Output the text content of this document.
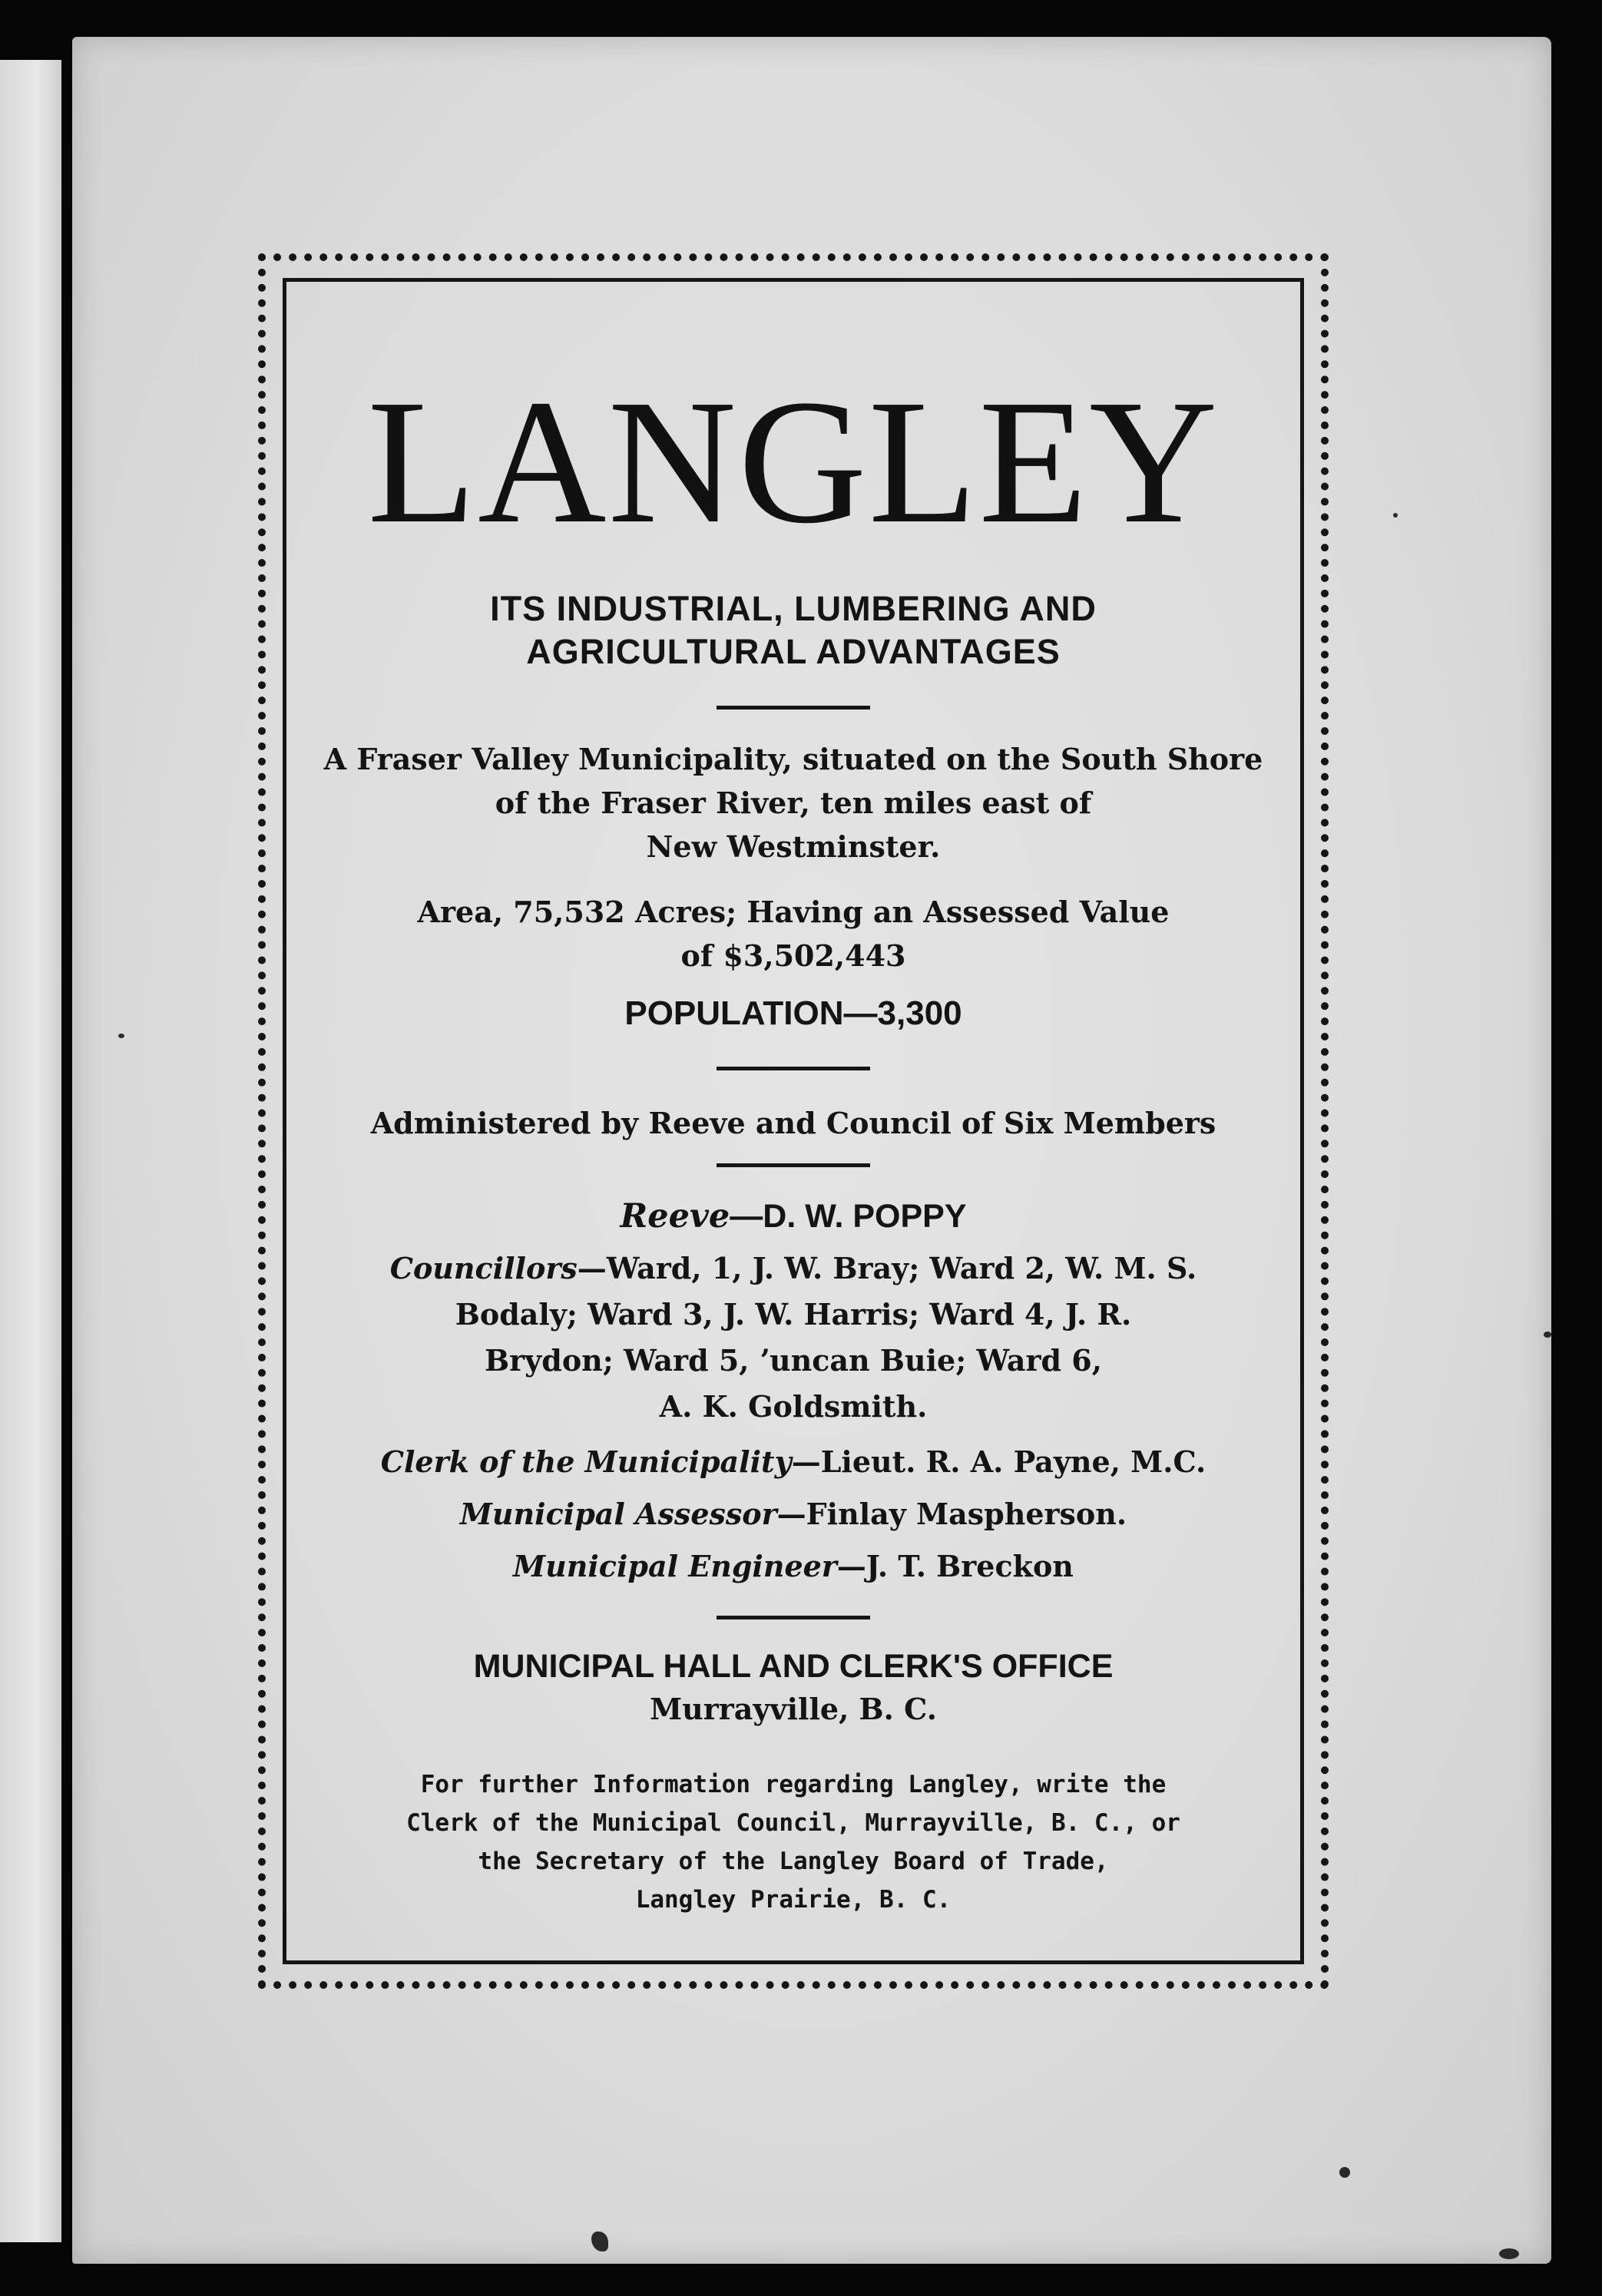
LANGLEY
ITS INDUSTRIAL, LUMBERING AND
AGRICULTURAL ADVANTAGES
A Fraser Valley Municipality, situated on the South Shore
of the Fraser River, ten miles east of
New Westminster.
Area, 75,532 Acres; Having an Assessed Value
of $3,502,443
POPULATION—3,300
Administered by Reeve and Council of Six Members
Reeve—D. W. POPPY
Councillors—Ward, 1, J. W. Bray; Ward 2, W. M. S.
Bodaly; Ward 3, J. W. Harris; Ward 4, J. R.
Brydon; Ward 5, ʼuncan Buie; Ward 6,
A. K. Goldsmith.
Clerk of the Municipality—Lieut. R. A. Payne, M.C.
Municipal Assessor—Finlay Maspherson.
Municipal Engineer—J. T. Breckon
MUNICIPAL HALL AND CLERK'S OFFICE
Murrayville, B. C.
For further Information regarding Langley, write the
Clerk of the Municipal Council, Murrayville, B. C., or
the Secretary of the Langley Board of Trade,
Langley Prairie, B. C.
